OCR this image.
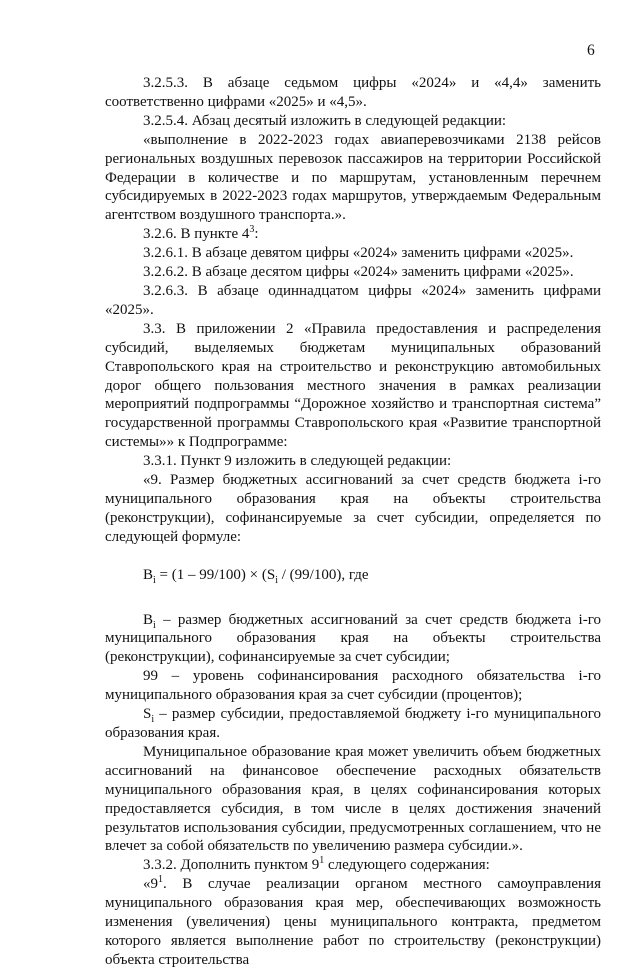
6

3.2.5.3. В абзаце седьмом цифры «2024» и «4,4» заменить соответственно цифрами «2025» и «4,5».

3.2.5.4. Абзац десятый изложить в следующей редакции:

«выполнение в 2022-2023 годах авиаперевозчиками 2138 рейсов региональных воздушных перевозок пассажиров на территории Российской Федерации в количестве и по маршрутам, установленным перечнем субсидируемых в 2022-2023 годах маршрутов, утверждаемым Федеральным агентством воздушного транспорта.».

3.2.6. В пункте $4^3$:

3.2.6.1. В абзаце девятом цифры «2024» заменить цифрами «2025».

3.2.6.2. В абзаце десятом цифры «2024» заменить цифрами «2025».

3.2.6.3. В абзаце одиннадцатом цифры «2024» заменить цифрами «2025».

3.3. В приложении 2 «Правила предоставления и распределения субсидий, выделяемых бюджетам муниципальных образований Ставропольского края на строительство и реконструкцию автомобильных дорог общего пользования местного значения в рамках реализации мероприятий подпрограммы “Дорожное хозяйство и транспортная система” государственной программы Ставропольского края «Развитие транспортной системы»» к Подпрограмме:

3.3.1. Пункт 9 изложить в следующей редакции:

«9. Размер бюджетных ассигнований за счет средств бюджета i-го муниципального образования края на объекты строительства (реконструкции), софинансируемые за счет субсидии, определяется по следующей формуле:

$B_i = (1 - 99/100) \times (S_i / (99/100)$, где

$B_i$ – размер бюджетных ассигнований за счет средств бюджета i-го муниципального образования края на объекты строительства (реконструкции), софинансируемые за счет субсидии;

99 – уровень софинансирования расходного обязательства i-го муниципального образования края за счет субсидии (процентов);

$S_i$ – размер субсидии, предоставляемой бюджету i-го муниципального образования края.

Муниципальное образование края может увеличить объем бюджетных ассигнований на финансовое обеспечение расходных обязательств муниципального образования края, в целях софинансирования которых предоставляется субсидия, в том числе в целях достижения значений результатов использования субсидии, предусмотренных соглашением, что не влечет за собой обязательств по увеличению размера субсидии.».

3.3.2. Дополнить пунктом $9^1$ следующего содержания:

«$9^1$. В случае реализации органом местного самоуправления муниципального образования края мер, обеспечивающих возможность изменения (увеличения) цены муниципального контракта, предметом которого является выполнение работ по строительству (реконструкции) объекта строительства
